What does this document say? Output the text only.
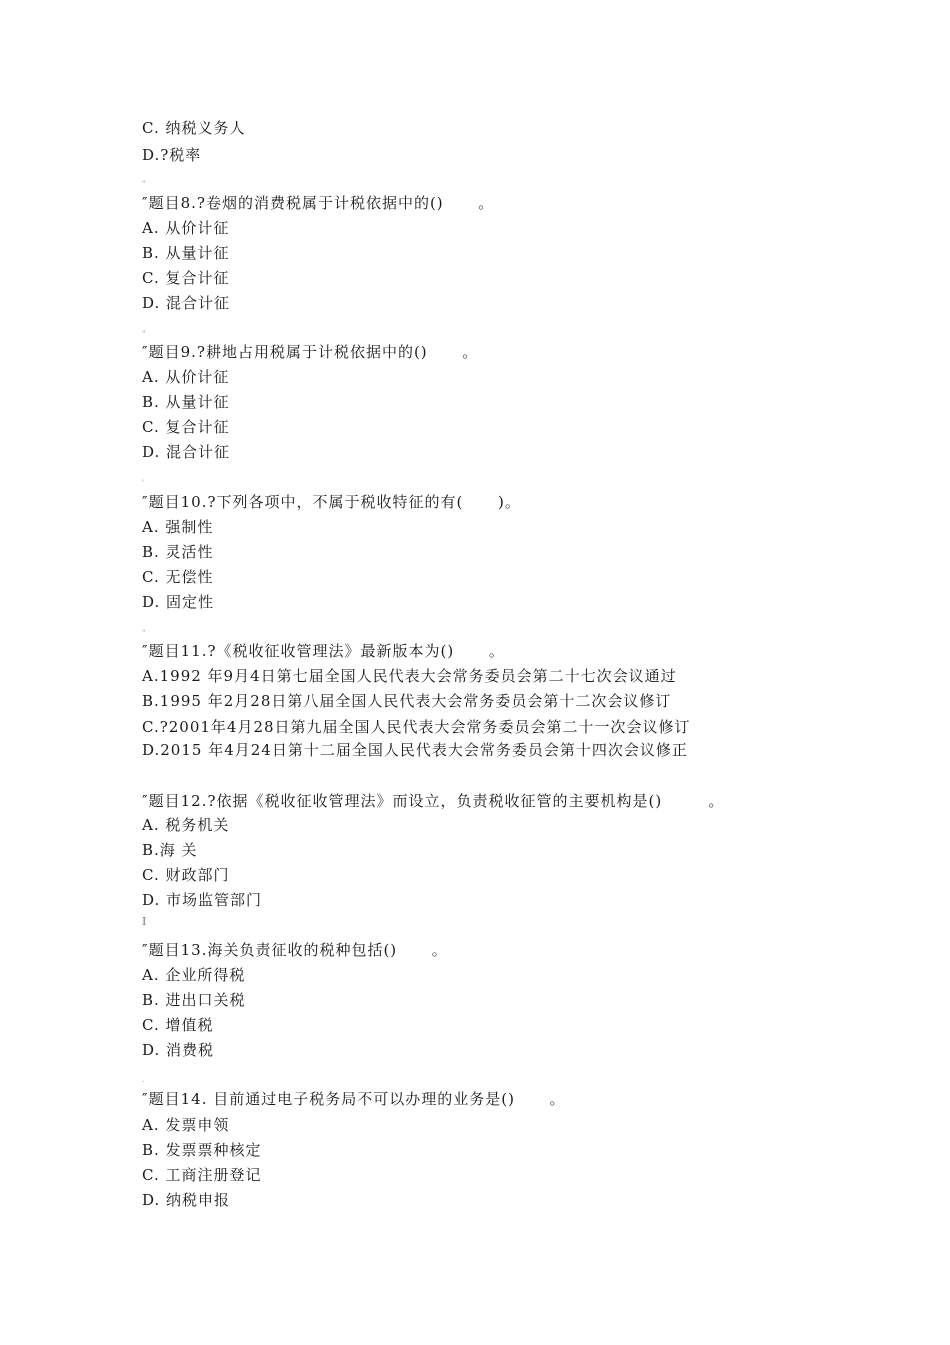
C. 纳税义务人
D.?税率
"
″题目8.?卷烟的消费税属于计税依据中的()      。
A. 从价计征
B. 从量计征
C. 复合计征
D. 混合计征
"
″题目9.?耕地占用税属于计税依据中的()      。
A. 从价计征
B. 从量计征
C. 复合计征
D. 混合计征
'
″题目10.?下列各项中，不属于税收特征的有(      )。
A. 强制性
B. 灵活性
C. 无偿性
D. 固定性
"
″题目11.?《税收征收管理法》最新版本为()      。
A.1992 年9月4日第七届全国人民代表大会常务委员会第二十七次会议通过
B.1995 年2月28日第八届全国人民代表大会常务委员会第十二次会议修订
C.?2001年4月28日第九届全国人民代表大会常务委员会第二十一次会议修订
D.2015 年4月24日第十二届全国人民代表大会常务委员会第十四次会议修正
″题目12.?依据《税收征收管理法》而设立，负责税收征管的主要机构是()        。
A. 税务机关
B.海 关
C. 财政部门
D. 市场监管部门
I
″题目13.海关负责征收的税种包括()      。
A. 企业所得税
B. 进出口关税
C. 增值税
D. 消费税
.
″题目14. 目前通过电子税务局不可以办理的业务是()      。
A. 发票申领
B. 发票票种核定
C. 工商注册登记
D. 纳税申报
